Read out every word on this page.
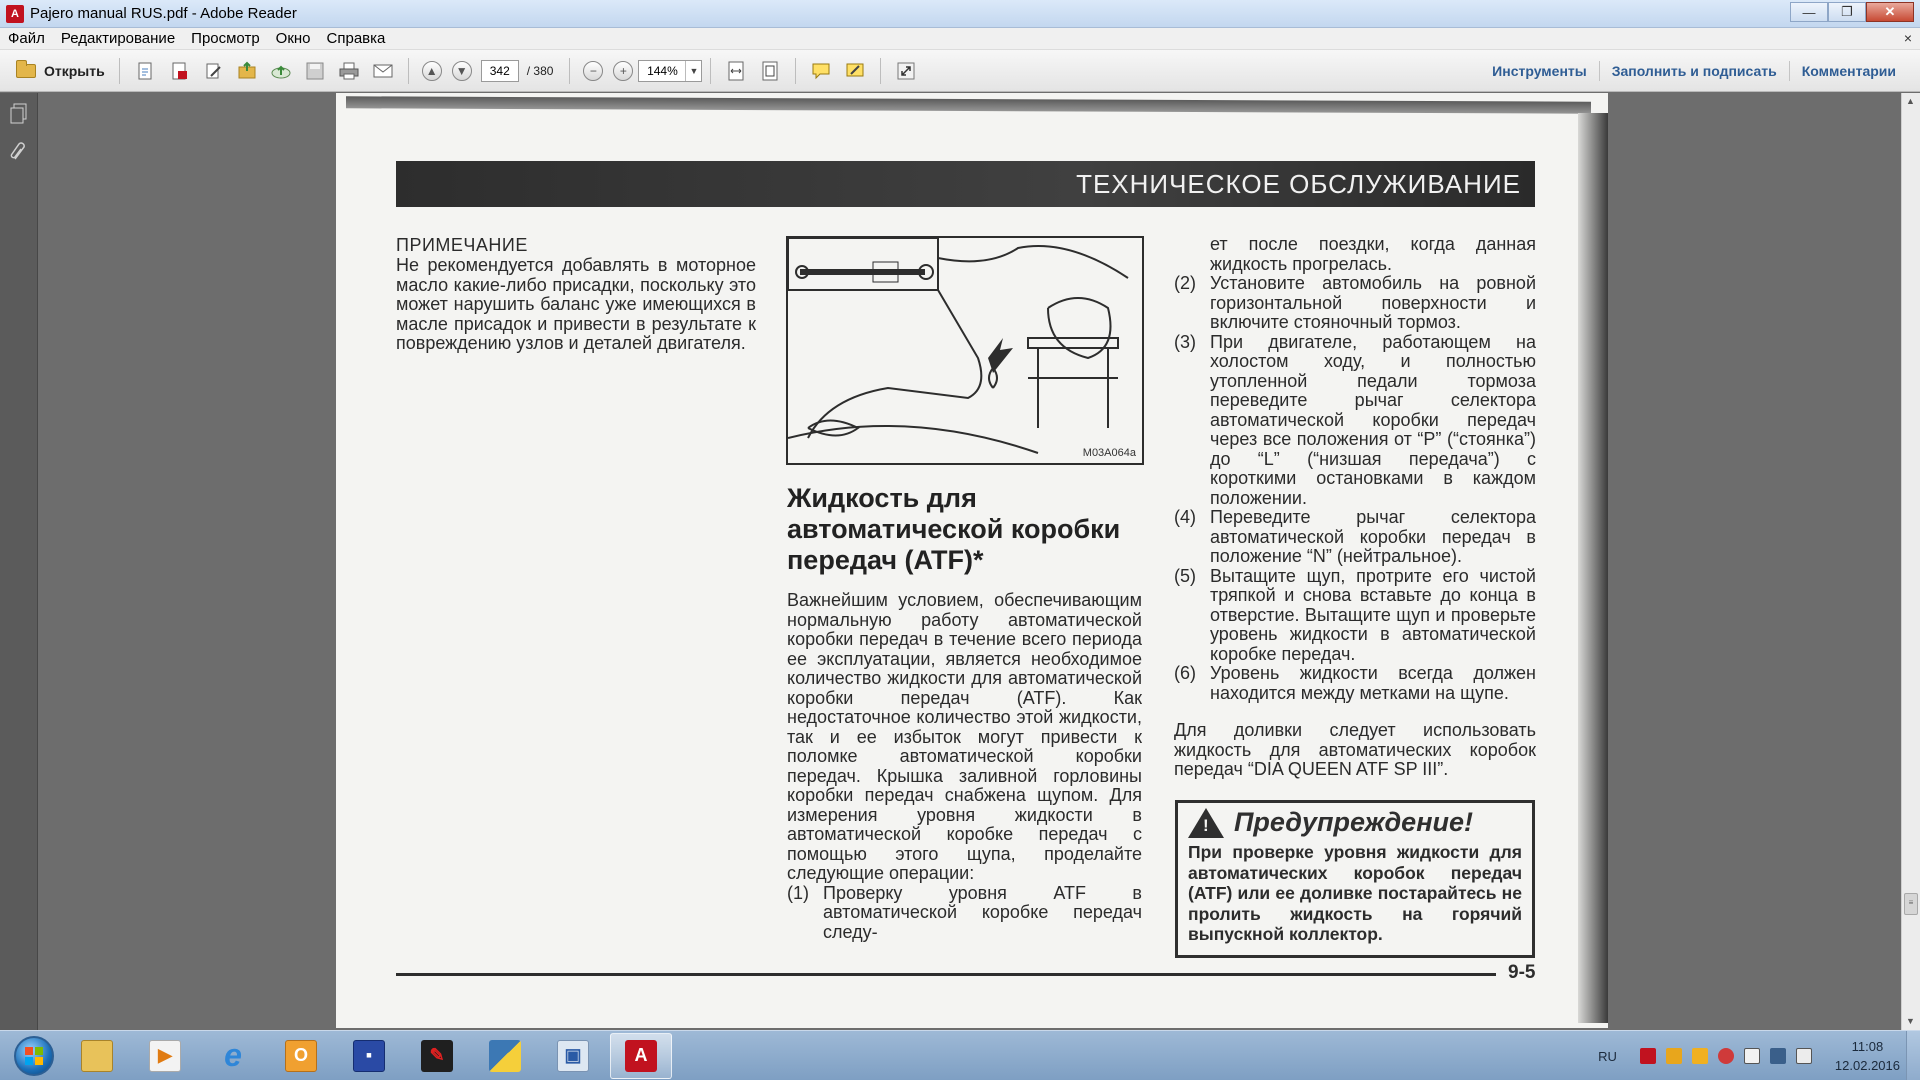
A Pajero manual RUS.pdf - Adobe Reader	—	❐	✕
Файл	Редактирование	Просмотр	Окно	Справка	×
Открыть	▲	▼	342	/ 380	−	+	144%	▼	Инструменты	Заполнить и подписать	Комментарии
ТЕХНИЧЕСКОЕ ОБСЛУЖИВАНИЕ
ПРИМЕЧАНИЕ
Не рекомендуется добавлять в моторное масло какие-либо присадки, поскольку это может нарушить баланс уже имеющихся в масле присадок и привести в результате к повреждению узлов и деталей двигателя.
M03A064a
Жидкость для автоматической коробки передач (ATF)*
Важнейшим условием, обеспечивающим нормальную работу автоматической коробки передач в течение всего периода ее эксплуатации, является необходимое количество жидкости для автоматической коробки передач (ATF). Как недостаточное количество этой жидкости, так и ее избыток могут привести к поломке автоматической коробки передач. Крышка заливной горловины коробки передач снабжена щупом. Для измерения уровня жидкости в автоматической коробке передач с помощью этого щупа, проделайте следующие операции:
(1) Проверку уровня ATF в автоматической коробке передач следу-
ет после поездки, когда данная жидкость прогрелась.
(2) Установите автомобиль на ровной горизонтальной поверхности и включите стояночный тормоз.
(3) При двигателе, работающем на холостом ходу, и полностью утопленной педали тормоза переведите рычаг селектора автоматической коробки передач через все положения от “P” (“стоянка”) до “L” (“низшая передача”) с короткими остановками в каждом положении.
(4) Переведите рычаг селектора автоматической коробки передач в положение “N” (нейтральное).
(5) Вытащите щуп, протрите его чистой тряпкой и снова вставьте до конца в отверстие. Вытащите щуп и проверьте уровень жидкости в автоматической коробке передач.
(6) Уровень жидкости всегда должен находится между метками на щупе.
Для доливки следует использовать жидкость для автоматических коробок передач “DIA QUEEN ATF SP III”.
!
Предупреждение!
При проверке уровня жидкости для автоматических коробок передач (ATF) или ее доливке постарайтесь не пролить жидкость на горячий выпускной коллектор.
9-5
▲
≡
▼
▶ e	O	▪	✎	▣	A	RU
11:08
12.02.2016
